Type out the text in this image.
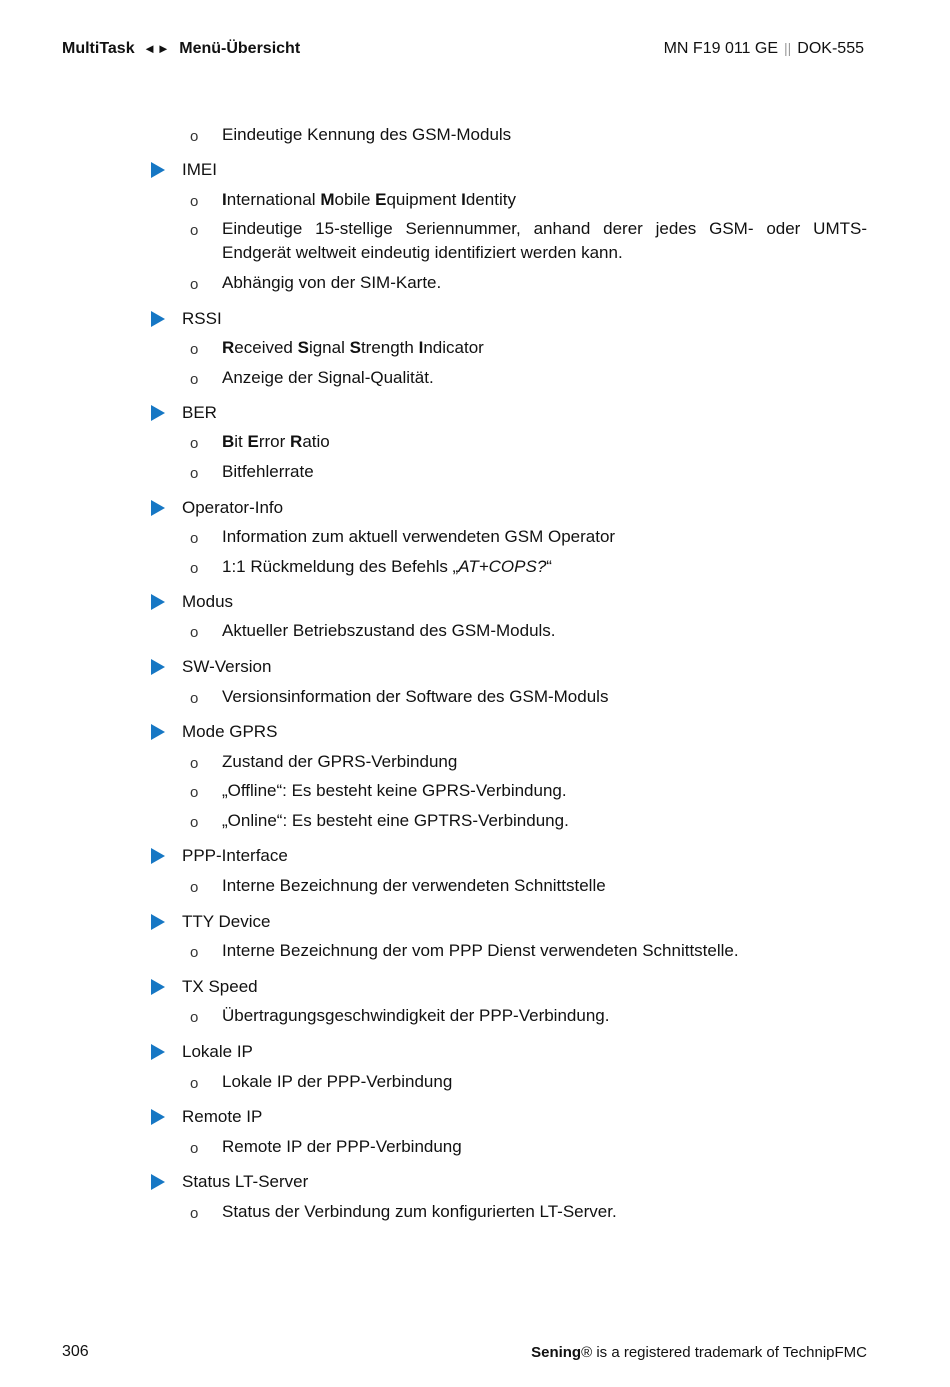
MultiTask ◄► Menü-Übersicht	MN F19 011 GE || DOK-555
o Eindeutige Kennung des GSM-Moduls
IMEI
o International Mobile Equipment Identity
o Eindeutige 15-stellige Seriennummer, anhand derer jedes GSM- oder UMTS-Endgerät weltweit eindeutig identifiziert werden kann.
o Abhängig von der SIM-Karte.
RSSI
o Received Signal Strength Indicator
o Anzeige der Signal-Qualität.
BER
o Bit Error Ratio
o Bitfehlerrate
Operator-Info
o Information zum aktuell verwendeten GSM Operator
o 1:1 Rückmeldung des Befehls „AT+COPS?“
Modus
o Aktueller Betriebszustand des GSM-Moduls.
SW-Version
o Versionsinformation der Software des GSM-Moduls
Mode GPRS
o Zustand der GPRS-Verbindung
o „Offline“: Es besteht keine GPRS-Verbindung.
o „Online“: Es besteht eine GPTRS-Verbindung.
PPP-Interface
o Interne Bezeichnung der verwendeten Schnittstelle
TTY Device
o Interne Bezeichnung der vom PPP Dienst verwendeten Schnittstelle.
TX Speed
o Übertragungsgeschwindigkeit der PPP-Verbindung.
Lokale IP
o Lokale IP der PPP-Verbindung
Remote IP
o Remote IP der PPP-Verbindung
Status LT-Server
o Status der Verbindung zum konfigurierten LT-Server.
306	Sening® is a registered trademark of TechnipFMC
